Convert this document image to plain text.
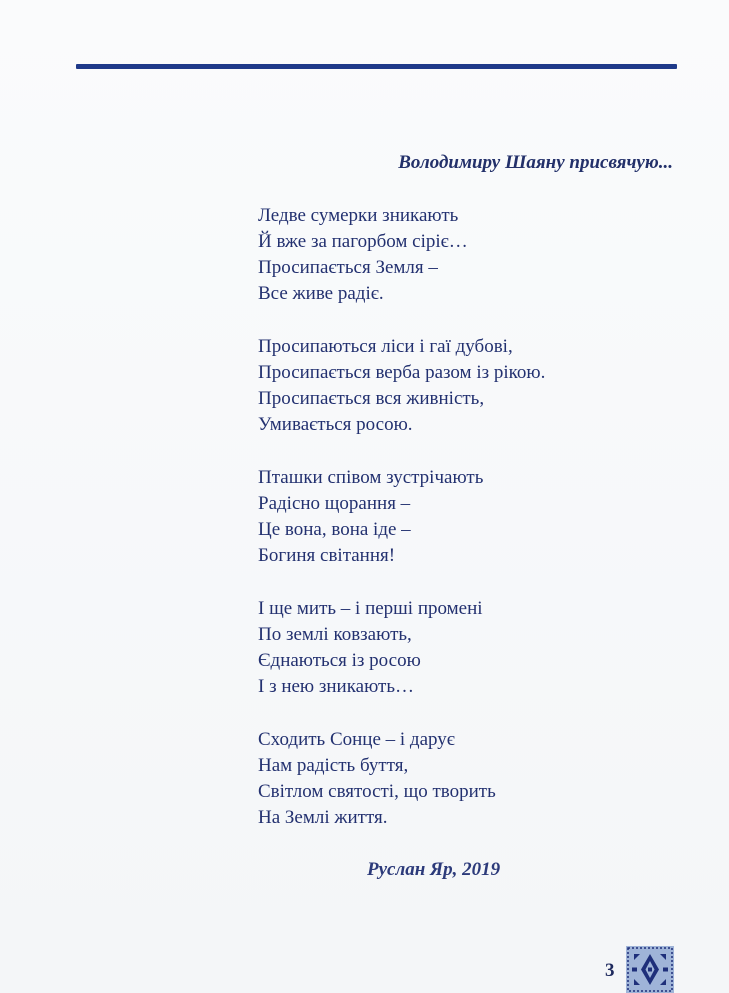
Володимиру Шаяну присвячую...
Ледве сумерки зникають
Й вже за пагорбом сіріє…
Просипається Земля –
Все живе радіє.
Просипаються ліси і гаї дубові,
Просипається верба разом із рікою.
Просипається вся живність,
Умивається росою.
Пташки співом зустрічають
Радісно щорання –
Це вона, вона іде –
Богиня світання!
І ще мить – і перші промені
По землі ковзають,
Єднаються із росою
І з нею зникають…
Сходить Сонце – і дарує
Нам радість буття,
Світлом святості, що творить
На Землі життя.
Руслан Яр, 2019
3
